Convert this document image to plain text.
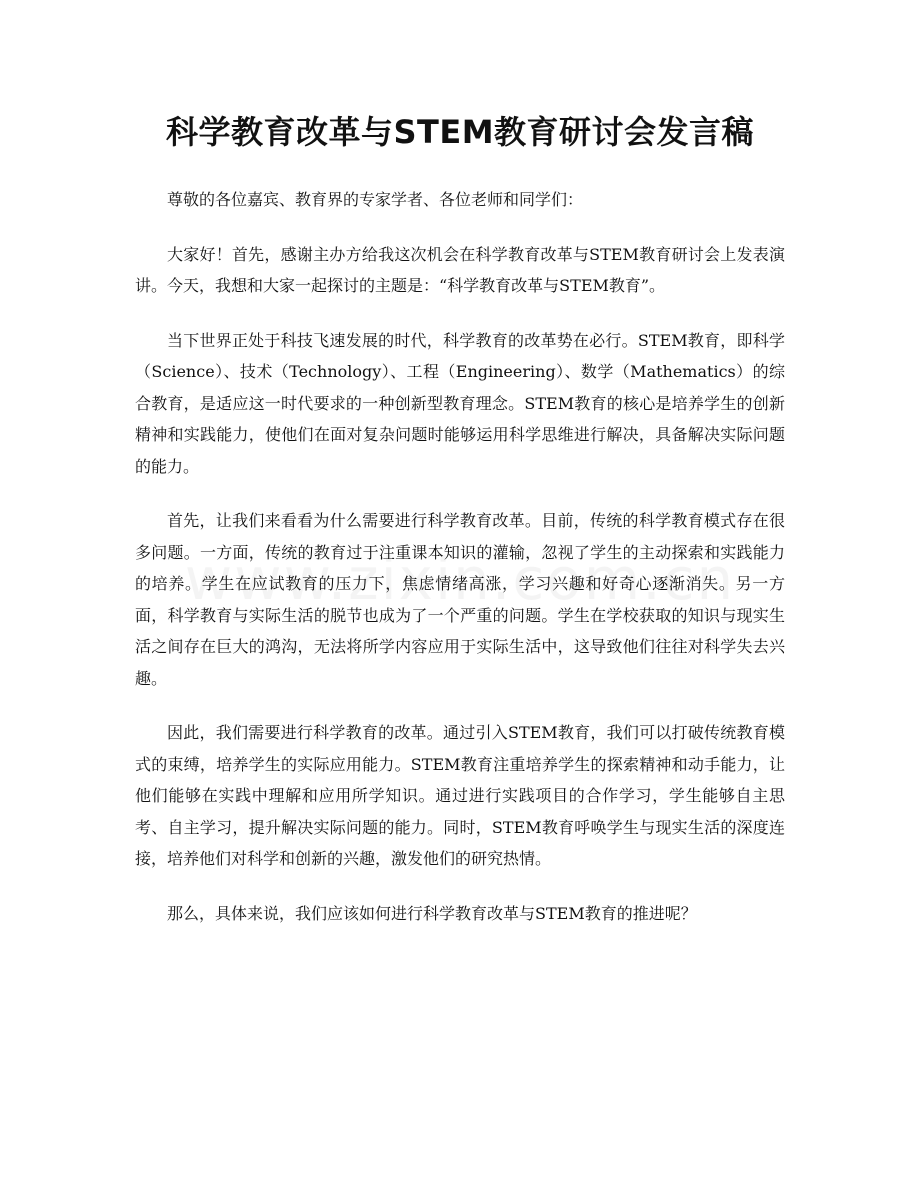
科学教育改革与STEM教育研讨会发言稿

尊敬的各位嘉宾、教育界的专家学者、各位老师和同学们：

大家好！首先，感谢主办方给我这次机会在科学教育改革与STEM教育研讨会上发表演讲。今天，我想和大家一起探讨的主题是：“科学教育改革与STEM教育”。

当下世界正处于科技飞速发展的时代，科学教育的改革势在必行。STEM教育，即科学（Science）、技术（Technology）、工程（Engineering）、数学（Mathematics）的综合教育，是适应这一时代要求的一种创新型教育理念。STEM教育的核心是培养学生的创新精神和实践能力，使他们在面对复杂问题时能够运用科学思维进行解决，具备解决实际问题的能力。

首先，让我们来看看为什么需要进行科学教育改革。目前，传统的科学教育模式存在很多问题。一方面，传统的教育过于注重课本知识的灌输，忽视了学生的主动探索和实践能力的培养。学生在应试教育的压力下，焦虑情绪高涨，学习兴趣和好奇心逐渐消失。另一方面，科学教育与实际生活的脱节也成为了一个严重的问题。学生在学校获取的知识与现实生活之间存在巨大的鸿沟，无法将所学内容应用于实际生活中，这导致他们往往对科学失去兴趣。

因此，我们需要进行科学教育的改革。通过引入STEM教育，我们可以打破传统教育模式的束缚，培养学生的实际应用能力。STEM教育注重培养学生的探索精神和动手能力，让他们能够在实践中理解和应用所学知识。通过进行实践项目的合作学习，学生能够自主思考、自主学习，提升解决实际问题的能力。同时，STEM教育呼唤学生与现实生活的深度连接，培养他们对科学和创新的兴趣，激发他们的研究热情。

那么，具体来说，我们应该如何进行科学教育改革与STEM教育的推进呢？
